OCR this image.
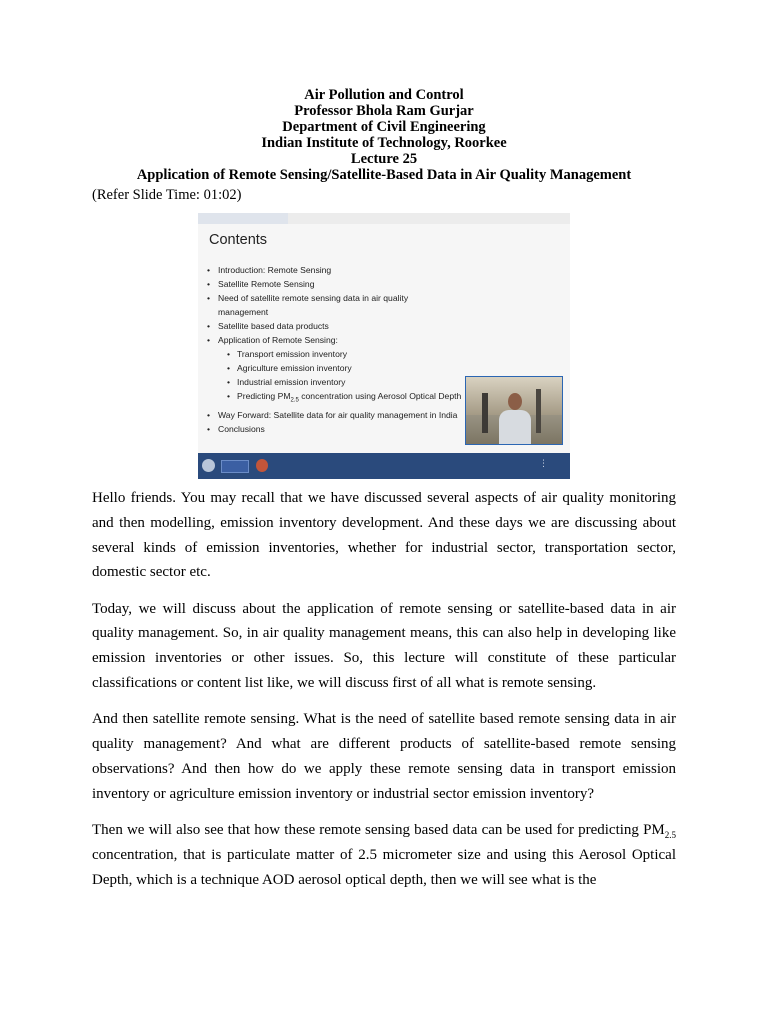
Air Pollution and Control
Professor Bhola Ram Gurjar
Department of Civil Engineering
Indian Institute of Technology, Roorkee
Lecture 25
Application of Remote Sensing/Satellite-Based Data in Air Quality Management
(Refer Slide Time: 01:02)
Contents
• Introduction: Remote Sensing
• Satellite Remote Sensing
• Need of satellite remote sensing data in air quality
management
• Satellite based data products
• Application of Remote Sensing:
• Transport emission inventory
• Agriculture emission inventory
• Industrial emission inventory
• Predicting $PM_{2.5}$ concentration using Aerosol Optical Depth
• Way Forward: Satellite data for air quality management in India
• Conclusions
⋮

Hello friends. You may recall that we have discussed several aspects of air quality monitoring and then modelling, emission inventory development. And these days we are discussing about several kinds of emission inventories, whether for industrial sector, transportation sector, domestic sector etc.

Today, we will discuss about the application of remote sensing or satellite-based data in air quality management. So, in air quality management means, this can also help in developing like emission inventories or other issues. So, this lecture will constitute of these particular classifications or content list like, we will discuss first of all what is remote sensing.

And then satellite remote sensing. What is the need of satellite based remote sensing data in air quality management? And what are different products of satellite-based remote sensing observations? And then how do we apply these remote sensing data in transport emission inventory or agriculture emission inventory or industrial sector emission inventory?

Then we will also see that how these remote sensing based data can be used for predicting $PM_{2.5}$ concentration, that is particulate matter of 2.5 micrometer size and using this Aerosol Optical Depth, which is a technique AOD aerosol optical depth, then we will see what is the
